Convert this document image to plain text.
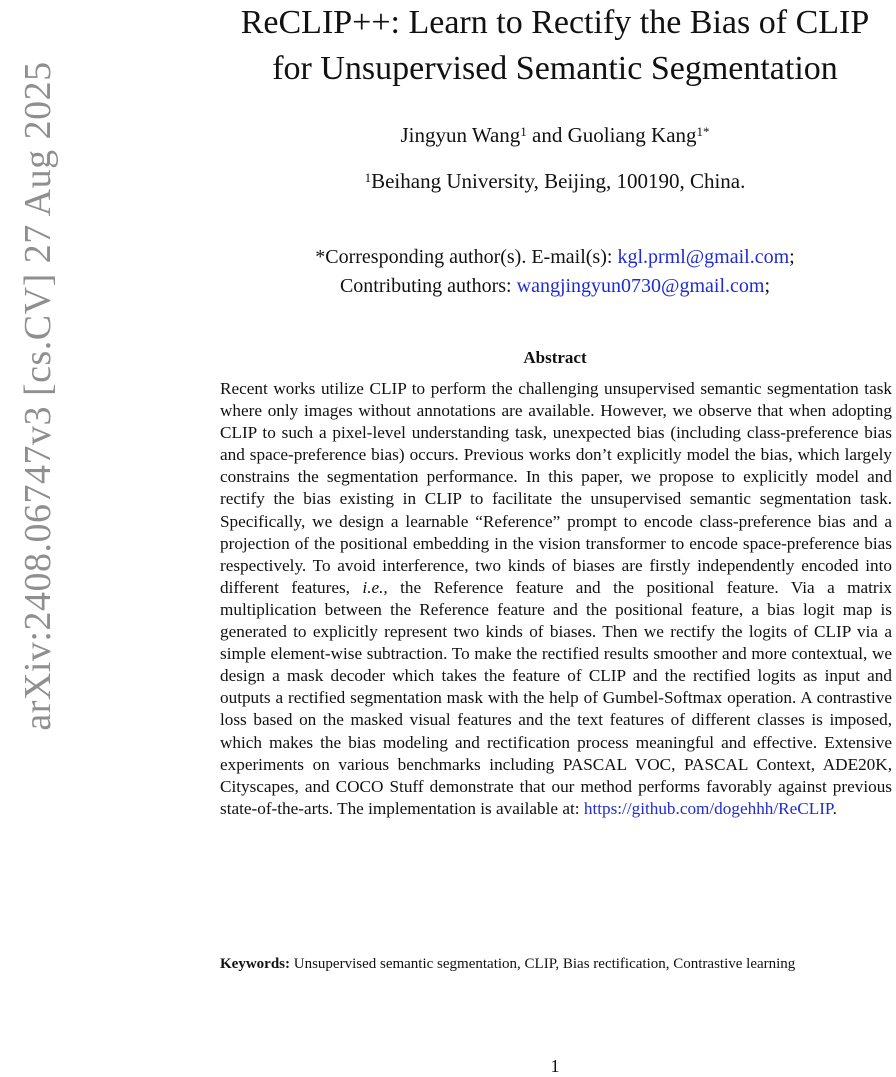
arXiv:2408.06747v3 [cs.CV] 27 Aug 2025
ReCLIP++: Learn to Rectify the Bias of CLIP
for Unsupervised Semantic Segmentation
Jingyun Wang$^1$ and Guoliang Kang$^{1*}$
$^1$Beihang University, Beijing, 100190, China.
*Corresponding author(s). E-mail(s): kgl.prml@gmail.com;
Contributing authors: wangjingyun0730@gmail.com;
Abstract
Recent works utilize CLIP to perform the challenging unsupervised semantic segmentation task where only images without annotations are available. However, we observe that when adopting CLIP to such a pixel-level understanding task, unexpected bias (including class-preference bias and space-preference bias) occurs. Previous works don’t explicitly model the bias, which largely constrains the segmentation performance. In this paper, we propose to explicitly model and rectify the bias existing in CLIP to facilitate the unsupervised semantic segmentation task. Specifically, we design a learnable “Reference” prompt to encode class-preference bias and a projection of the positional embedding in the vision transformer to encode space-preference bias respectively. To avoid interference, two kinds of biases are firstly independently encoded into different features, i.e., the Reference feature and the positional feature. Via a matrix multiplication between the Reference feature and the positional feature, a bias logit map is generated to explicitly represent two kinds of biases. Then we rectify the logits of CLIP via a simple element-wise subtraction. To make the rectified results smoother and more contextual, we design a mask decoder which takes the feature of CLIP and the rectified logits as input and outputs a rectified segmentation mask with the help of Gumbel-Softmax operation. A contrastive loss based on the masked visual features and the text features of different classes is imposed, which makes the bias modeling and rectification process meaningful and effective. Extensive experiments on various benchmarks including PASCAL VOC, PASCAL Context, ADE20K, Cityscapes, and COCO Stuff demonstrate that our method performs favorably against previous state-of-the-arts. The implementation is available at: https://github.com/dogehhh/ReCLIP.
Keywords: Unsupervised semantic segmentation, CLIP, Bias rectification, Contrastive learning
1
